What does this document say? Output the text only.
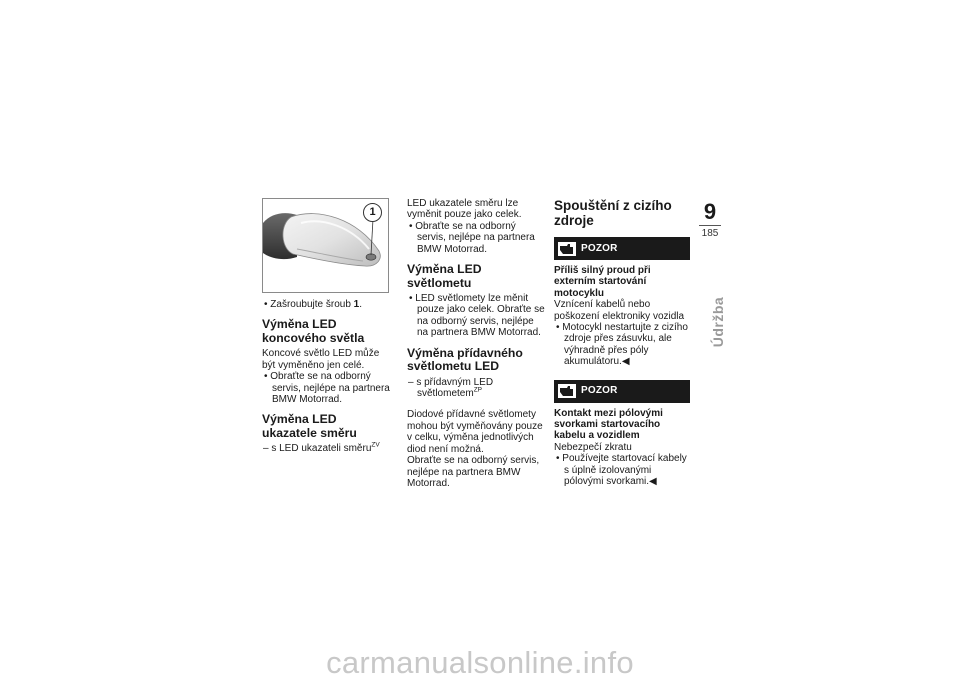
1

• Zašroubujte šroub 1.

Výměna LED koncového světla

Koncové světlo LED může být vyměněno jen celé.

• Obraťte se na odborný servis, nejlépe na partnera BMW Motorrad.

Výměna LED ukazatele směru

– s LED ukazateli směru$^{ZV}$

LED ukazatele směru lze vyměnit pouze jako celek.

• Obraťte se na odborný servis, nejlépe na partnera BMW Motorrad.

Výměna LED světlometu

• LED světlomety lze měnit pouze jako celek. Obraťte se na odborný servis, nejlépe na partnera BMW Motorrad.

Výměna přídavného světlometu LED

– s přídavným LED světlometem$^{ZP}$

Diodové přídavné světlomety mohou být vyměňovány pouze v celku, výměna jednotlivých diod není možná.

Obraťte se na odborný servis, nejlépe na partnera BMW Motorrad.

Spouštění z cizího zdroje
POZOR

Příliš silný proud při externím startování motocyklu

Vznícení kabelů nebo poškození elektroniky vozidla

• Motocykl nestartujte z cizího zdroje přes zásuvku, ale výhradně přes póly akumulátoru.◀

POZOR

Kontakt mezi pólovými svorkami startovacího kabelu a vozidlem

Nebezpečí zkratu

• Používejte startovací kabely s úplně izolovanými pólovými svorkami.◀

9
185
Údržba
carmanualsonline.info
